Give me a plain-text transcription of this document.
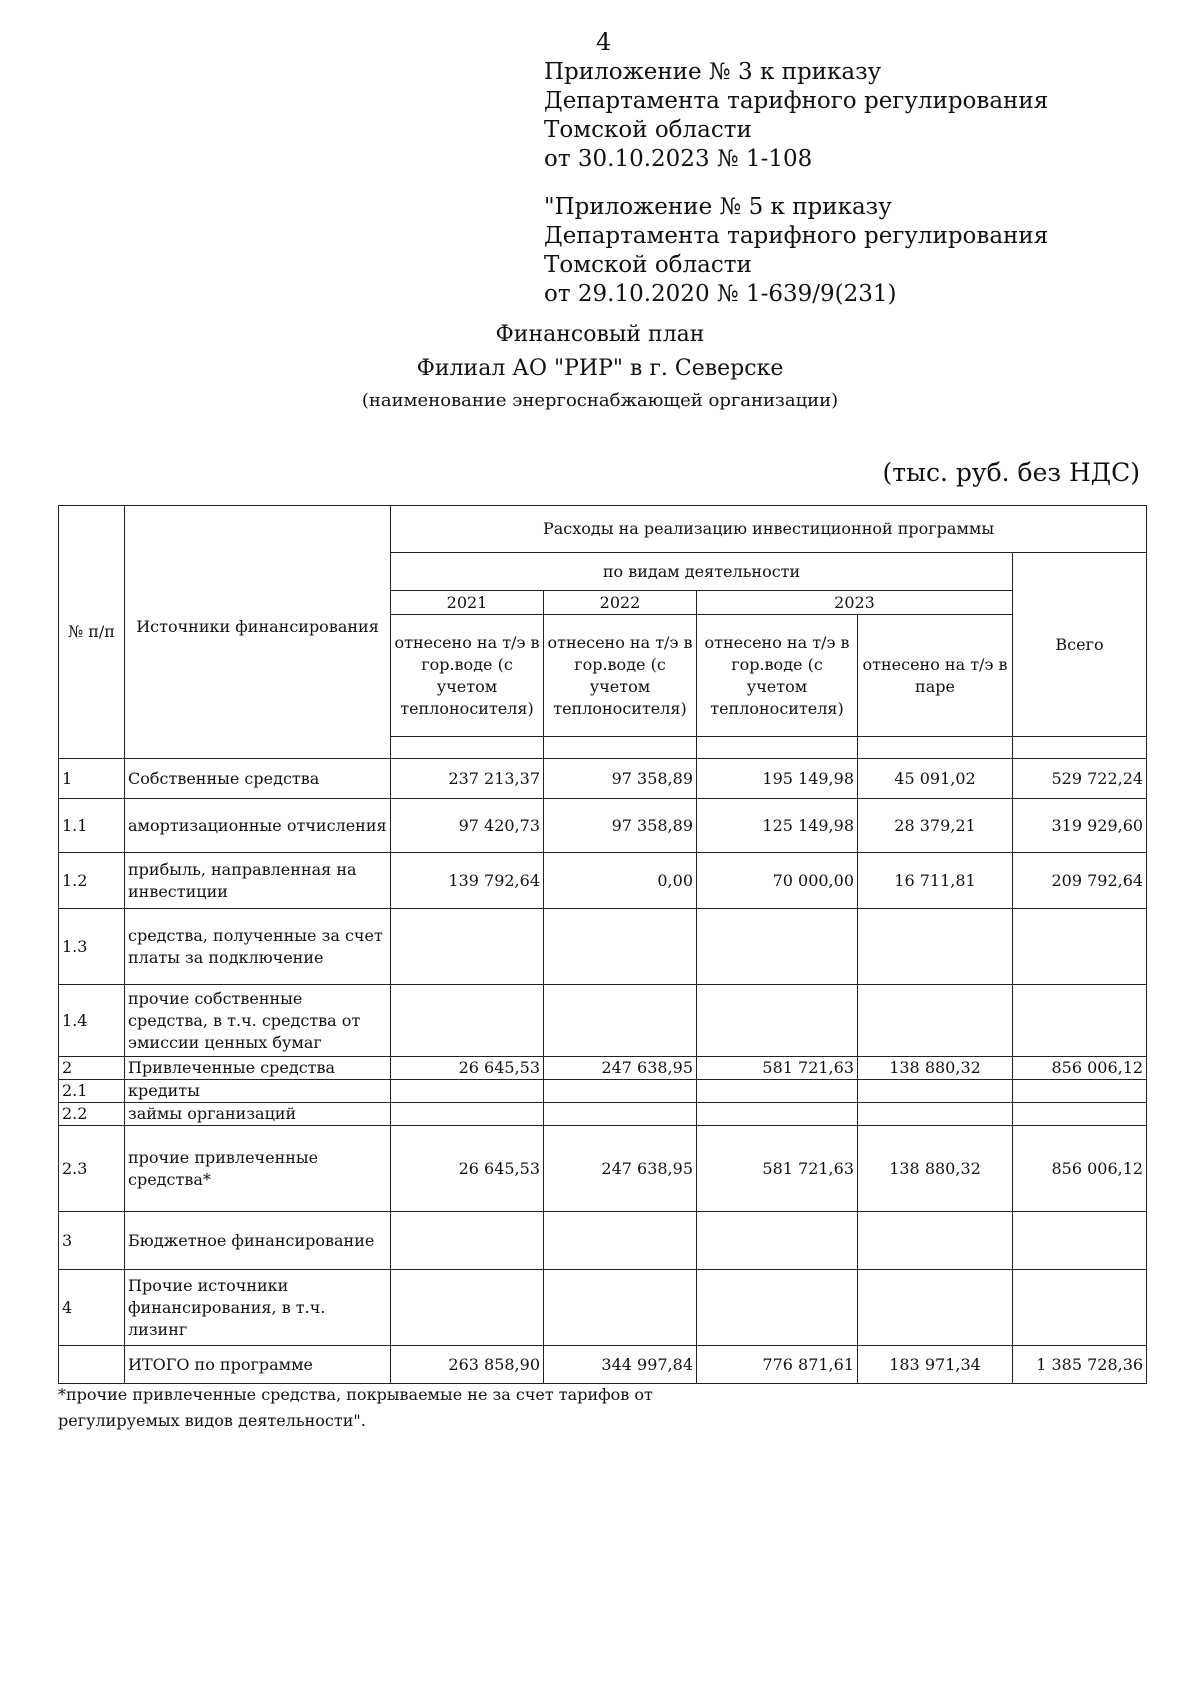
4
Приложение № 3 к приказу
Департамента тарифного регулирования
Томской области
от 30.10.2023 № 1-108
"Приложение № 5 к приказу
Департамента тарифного регулирования
Томской области
от 29.10.2020 № 1-639/9(231)
Финансовый план
Филиал АО "РИР" в г. Северске
(наименование энергоснабжающей организации)
(тыс. руб. без НДС)
№ п/п	Источники финансирования	Расходы на реализацию инвестиционной программы					
		по видам деятельности				Всего	
		2021	2022	2023			
		отнесено на т/э в гор.воде (с учетом теплоносителя)	отнесено на т/э в гор.воде (с учетом теплоносителя)	отнесено на т/э в гор.воде (с учетом теплоносителя)	отнесено на т/э в паре		

1	Собственные средства	237 213,37	97 358,89	195 149,98	45 091,02	529 722,24	
1.1	амортизационные отчисления	97 420,73	97 358,89	125 149,98	28 379,21	319 929,60	
1.2	прибыль, направленная на инвестиции	139 792,64	0,00	70 000,00	16 711,81	209 792,64	
1.3	средства, полученные за счет платы за подключение						
1.4	прочие собственные средства, в т.ч. средства от эмиссии ценных бумаг						
2	Привлеченные средства	26 645,53	247 638,95	581 721,63	138 880,32	856 006,12	
2.1	кредиты						
2.2	займы организаций						
2.3	прочие привлеченные средства*	26 645,53	247 638,95	581 721,63	138 880,32	856 006,12	
3	Бюджетное финансирование						
4	Прочие источники финансирования, в т.ч. лизинг						
	ИТОГО по программе	263 858,90	344 997,84	776 871,61	183 971,34	1 385 728,36	
*прочие привлеченные средства, покрываемые не за счет тарифов от
регулируемых видов деятельности".
